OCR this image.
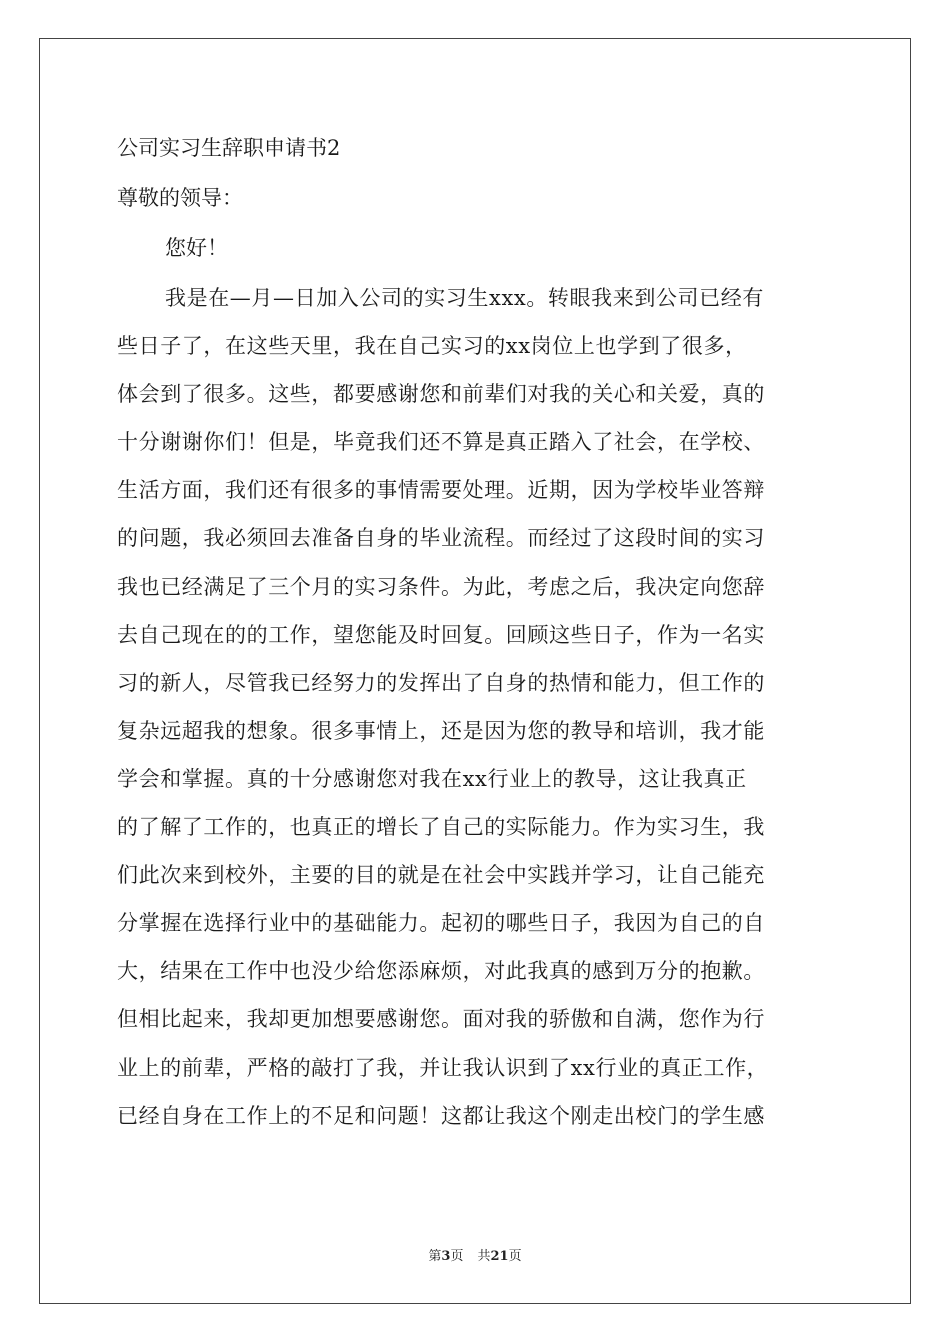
公司实习生辞职申请书2

尊敬的领导：

您好！

我是在—月—日加入公司的实习生xxx。转眼我来到公司已经有
些日子了，在这些天里，我在自己实习的xx岗位上也学到了很多，
体会到了很多。这些，都要感谢您和前辈们对我的关心和关爱，真的
十分谢谢你们！但是，毕竟我们还不算是真正踏入了社会，在学校、
生活方面，我们还有很多的事情需要处理。近期，因为学校毕业答辩
的问题，我必须回去准备自身的毕业流程。而经过了这段时间的实习
我也已经满足了三个月的实习条件。为此，考虑之后，我决定向您辞
去自己现在的的工作，望您能及时回复。回顾这些日子，作为一名实
习的新人，尽管我已经努力的发挥出了自身的热情和能力，但工作的
复杂远超我的想象。很多事情上，还是因为您的教导和培训，我才能
学会和掌握。真的十分感谢您对我在xx行业上的教导，这让我真正
的了解了工作的，也真正的增长了自己的实际能力。作为实习生，我
们此次来到校外，主要的目的就是在社会中实践并学习，让自己能充
分掌握在选择行业中的基础能力。起初的哪些日子，我因为自己的自
大，结果在工作中也没少给您添麻烦，对此我真的感到万分的抱歉。
但相比起来，我却更加想要感谢您。面对我的骄傲和自满，您作为行
业上的前辈，严格的敲打了我，并让我认识到了xx行业的真正工作，
已经自身在工作上的不足和问题！这都让我这个刚走出校门的学生感
第3页 共21页
